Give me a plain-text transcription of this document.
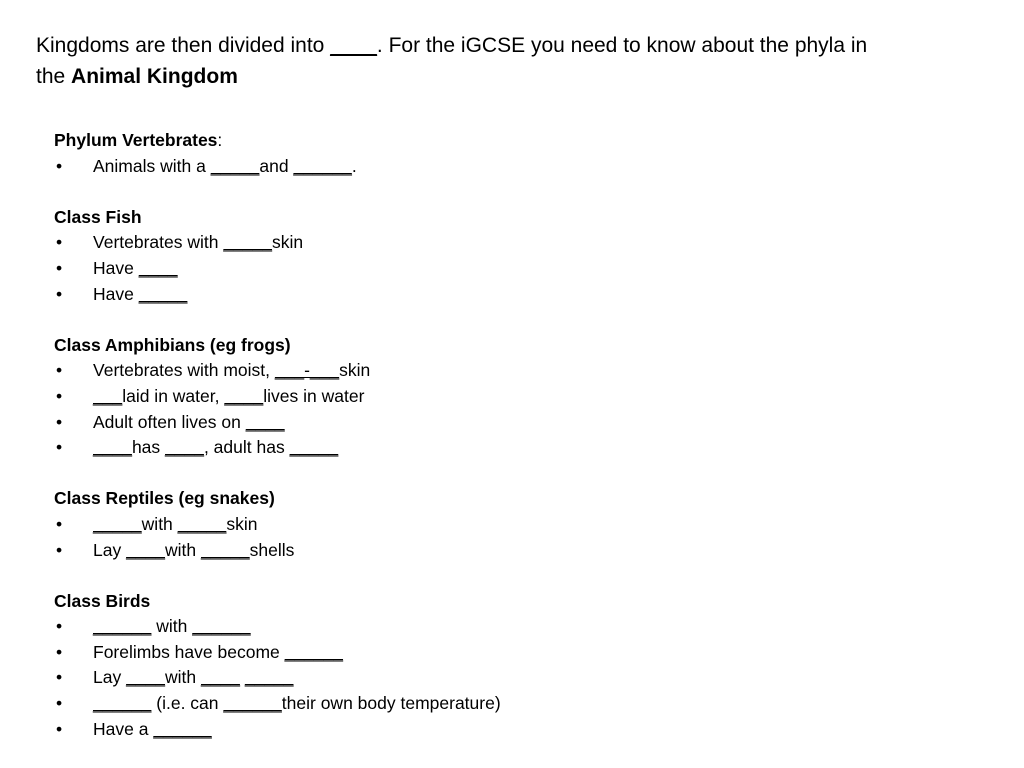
Kingdoms are then divided into ____. For the iGCSE you need to know about the phyla in
the Animal Kingdom
Phylum Vertebrates:
• Animals with a _____and ______.
Class Fish
• Vertebrates with _____skin
• Have ____
• Have _____
Class Amphibians (eg frogs)
• Vertebrates with moist, ___-___skin
• ___laid in water, ____lives in water
• Adult often lives on ____
• ____has ____, adult has _____
Class Reptiles (eg snakes)
• _____with _____skin
• Lay ____with _____shells
Class Birds
• ______ with ______
• Forelimbs have become ______
• Lay ____with ____ _____
• ______ (i.e. can ______their own body temperature)
• Have a ______
